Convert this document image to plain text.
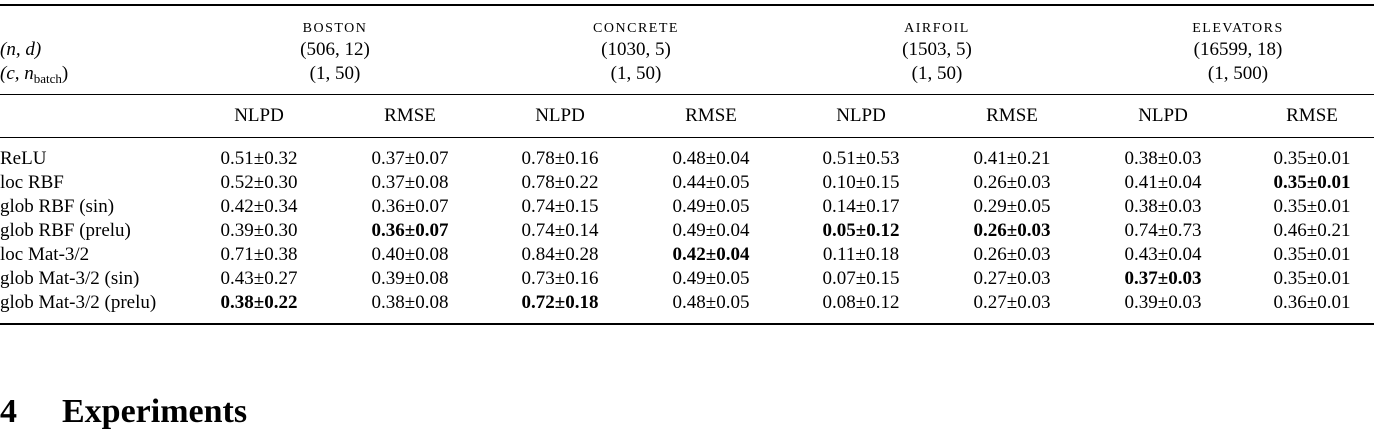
BOSTON	CONCRETE	AIRFOIL	ELEVATORS
(n, d)	(506, 12)	(1030, 5)	(1503, 5)	(16599, 18)
(c, $n_{batch}$)	(1, 50)	(1, 50)	(1, 50)	(1, 500)
NLPD	RMSE	NLPD	RMSE	NLPD	RMSE	NLPD	RMSE
ReLU	0.51±0.32	0.37±0.07	0.78±0.16	0.48±0.04	0.51±0.53	0.41±0.21	0.38±0.03	0.35±0.01
loc RBF	0.52±0.30	0.37±0.08	0.78±0.22	0.44±0.05	0.10±0.15	0.26±0.03	0.41±0.04	0.35±0.01
glob RBF (sin)	0.42±0.34	0.36±0.07	0.74±0.15	0.49±0.05	0.14±0.17	0.29±0.05	0.38±0.03	0.35±0.01
glob RBF (prelu)	0.39±0.30	0.36±0.07	0.74±0.14	0.49±0.04	0.05±0.12	0.26±0.03	0.74±0.73	0.46±0.21
loc Mat-3/2	0.71±0.38	0.40±0.08	0.84±0.28	0.42±0.04	0.11±0.18	0.26±0.03	0.43±0.04	0.35±0.01
glob Mat-3/2 (sin)	0.43±0.27	0.39±0.08	0.73±0.16	0.49±0.05	0.07±0.15	0.27±0.03	0.37±0.03	0.35±0.01
glob Mat-3/2 (prelu)	0.38±0.22	0.38±0.08	0.72±0.18	0.48±0.05	0.08±0.12	0.27±0.03	0.39±0.03	0.36±0.01
4 Experiments
